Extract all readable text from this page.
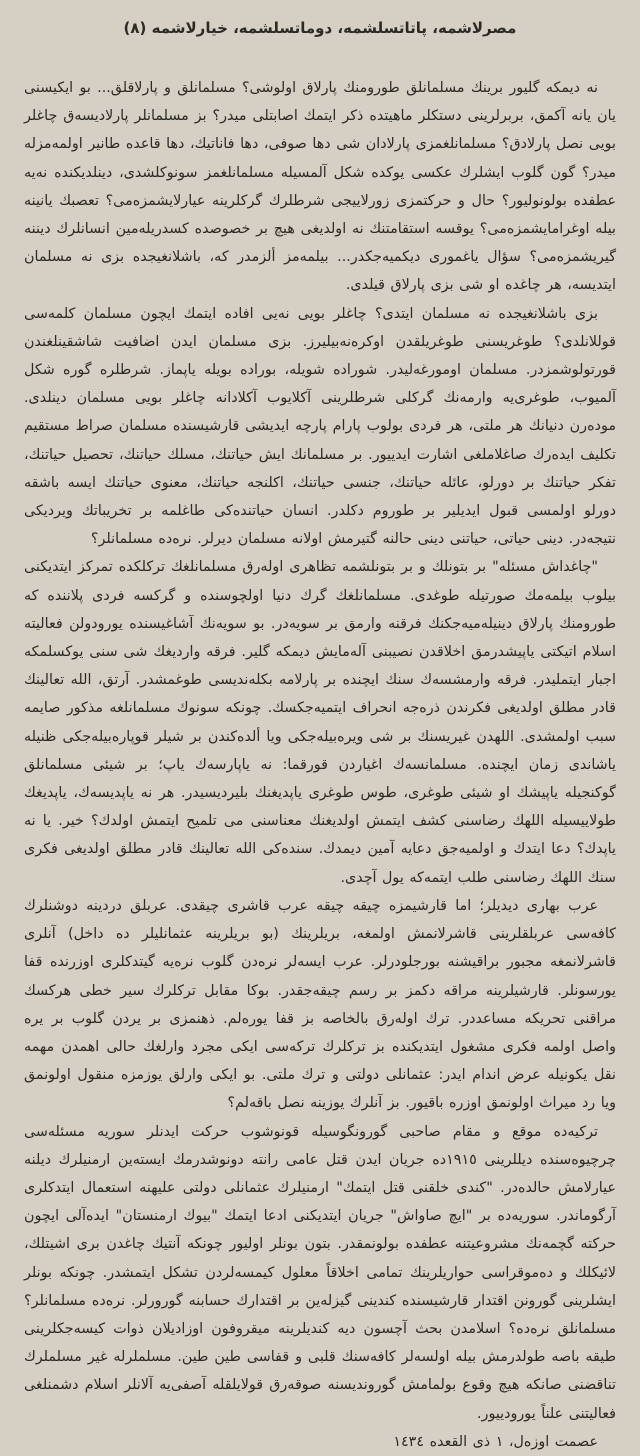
مصرلاشمه، پاتاتسلشمه، دوماتسلشمه، خيارلاشمه (٨)

نه ديمكه گليور برينك مسلمانلق طورومنك پارلاق اولوشى؟ مسلمانلق و پارلاقلق... بو ايكيسنى يان يانه آكمق، بربرلرينى دستكلر ماهيتده ذكر ايتمك اصابتلى ميدر؟ بز مسلمانلر پارلاديسه‌ق چاغلر بويى نصل پارلادق؟ مسلمانلغمزى پارلادان شى دها صوفى، دها فاناتيك، دها قاعده طانير اولمه‌مزله ميدر؟ گون گلوب ايشلرك عكسى يوكده شكل آلمسيله مسلمانلغمز سونوكلشدى، دينلديكنده نه‌يه عطفده بولونوليور؟ حال و حركتمزى زورلاييجى شرطلرك گركلرينه عيارلايشمزه‌مى؟ تعصبك يانينه بيله اوغرامايشمزه‌مى؟ يوقسه استقامتنك نه اولديغى هيچ بر خصوصده كسدريله‌مين انسانلرك ديننه گيريشمزه‌مى؟ سؤال ياغمورى ديكميه‌جكدر... بيلمه‌مز ألزمدر كه، باشلانغيجده بزى نه مسلمان ايتديسه، هر چاغده او شى بزى پارلاق قيلدى.

بزى باشلانغيجده نه مسلمان ايتدى؟ چاغلر بويى نه‌يى افاده ايتمك ايچون مسلمان كلمه‌سى قوللانلدى؟ طوغريسنى طوغريلقدن اوكره‌نه‌بيليرز. بزى مسلمان ايدن اضافيت شاشقينلغندن قورتولوشمزدر. مسلمان اومورغه‌ليدر. شوراده شويله، بوراده بويله ياپماز. شرطلره گوره شكل آلميوب، طوغرى‌يه وارمه‌نك گركلى شرطلرينى آكلايوب آكلادانه چاغلر بويى مسلمان دينلدى. مودەرن دنيانك هر ملتى، هر فردى بولوب پارام پارچه ايديشى قارشيسنده مسلمان صراط مستقيم تكليف ايدەرك صاغلاملغى اشارت ايدييور. بر مسلمانك ايش حياتنك، مسلك حياتنك، تحصيل حياتنك، تفكر حياتنك بر دورلو، عائله حياتنك، جنسى حياتنك، اكلنجه حياتنك، معنوى حياتنك ايسه باشقه دورلو اولمسى قبول ايديلير بر طوروم دكلدر. انسان حياتنده‌كى طاغلمه بر تخريباتك ويرديكى نتيجه‌در. دينى حياتى، حياتنى دينى حالنه گتيرمش اولانه مسلمان ديرلر. نرەده مسلمانلر؟

"چاغداش مسئله" بر بتونلك و بر بتونلشمه تظاهرى اولەرق مسلمانلغك تركلكده تمركز ايتديكنى بيلوب بيلمه‌مك صورتيله طوغدى. مسلمانلغك گرك دنيا اولچوسنده و گركسه فردى پلاننده كه طورومنك پارلاق دينيله‌ميه‌جكنك فرقنه وارمق بر سويه‌در. بو سويه‌نك آشاغيسنده يورودولن فعاليته اسلام اتيكتى ياپيشدرمق اخلاقدن نصيبنى آله‌مايش ديمكه گلير. فرقه وارديغك شى سنى يوكسلمكه اجبار ايتمليدر. فرقه وارمشسه‌ك سنك ايچنده بر پارلامه بكله‌نديسى طوغمشدر. آرتق، الله تعالينك قادر مطلق اولديغى فكرندن ذرەجه انحراف ايتميه‌جكسك. چونكه سونوك مسلمانلغه مذكور صايمه سبب اولمشدى. اللهدن غيريسنك بر شى ويرەبيله‌جكى ويا ألدەكندن بر شيلر قوپارەبيله‌جكى ظنيله ياشاندى زمان ايچنده. مسلمانسه‌ك اغياردن قورقما: نه ياپارسه‌ك ياپ؛ بر شيئى مسلمانلق گوكنجيله ياپيشك او شيئى طوغرى، طوس طوغرى ياپديغنك بليرديسيدر. هر نه ياپديسه‌ك، ياپديغك طولاييسيله اللهك رضاسنى كشف ايتمش اولديغنك معناسنى مى تلميح ايتمش اولدك؟ خير. يا نه ياپدك؟ دعا ايتدك و اولميه‌جق دعايه آمين ديمدك. سنده‌كى الله تعالينك قادر مطلق اولديغى فكرى سنك اللهك رضاسنى طلب ايتمه‌كه يول آچدى.

عرب بهارى ديديلر؛ اما قارشيمزه چيقه چيقه عرب قاشرى چيقدى. عربلق دردينه دوشنلرك كافه‌سى عربلقلرينى قاشرلانمش اولمغه، بريلرينك (بو بريلرينه عثمانليلر ده داخل) آنلرى قاشرلانمغه مجبور براقيشنه بورجلودرلر. عرب ايسه‌لر نرەدن گلوب نره‌يه گيتدكلرى اوزرنده قفا يورسونلر. قارشيلرينه مراقه دكمز بر رسم چيقه‌جقدر. بوكا مقابل تركلرك سير خطى هركسك مراقنى تحريكه مساعددر. ترك اولەرق بالخاصه بز قفا يورەلم. ذهنمزى بر يردن گلوب بر يره واصل اولمه فكرى مشغول ايتديكنده بز تركلرك تركه‌سى ايكى مجرد وارلغك حالى اهمدن مهمه نقل يكونيله عرض اندام ايدر: عثمانلى دولتى و ترك ملتى. بو ايكى وارلق يوزمزه منقول اولونمق ويا رد ميراث اولونمق اوزره باقيور. بز آنلرك يوزينه نصل باقه‌لم؟

تركيه‌ده موقع و مقام صاحبى گورونگوسيله قونوشوب حركت ايدنلر سوريه مسئله‌سى چرچيوه‌سنده ديللرينى ١٩١٥ده جريان ايدن قتل عامى رانته دونوشدرمك ايسته‌ين ارمنيلرك ديلنه عيارلامش حالدەدر. "كندى خلقنى قتل ايتمك" ارمنيلرك عثمانلى دولتى عليهنه استعمال ايتدكلرى آرگوماندر. سوريه‌ده بر "ايچ صاواش" جريان ايتديكنى ادعا ايتمك "بيوك ارمنستان" ايدەآلى ايچون حركته گچمه‌نك مشروعيتنه عطفده بولونمقدر. بتون بونلر اوليور چونكه آنتيك چاغدن برى اشيتلك، لائيكلك و دەموقراسى حواريلرينك تمامى اخلاقاً معلول كيمسه‌لردن تشكل ايتمشدر. چونكه بونلر ايشلرينى گورونن اقتدار قارشيسنده كندينى گيزله‌ين بر اقتدارك حسابنه گورورلر. نرەده مسلمانلر؟ مسلمانلق نرەده؟ اسلامدن بحث آچسون ديه كنديلرينه ميقروفون اوزاديلان ذوات كيسه‌جكلرينى طيقه باصه طولدرمش بيله اولسه‌لر كافه‌سنك قلبى و قفاسى طين طين. مسلملرله غير مسلملرك تناقضنى صانكه هيچ وقوع بولمامش گورونديسنه صوقەرق قولايلقله آصفى‌يه آلانلر اسلام دشمنلغى فعاليتنى علناً يورودييور.

عصمت اوزەل، ١ ذى القعده ١٤٣٤
